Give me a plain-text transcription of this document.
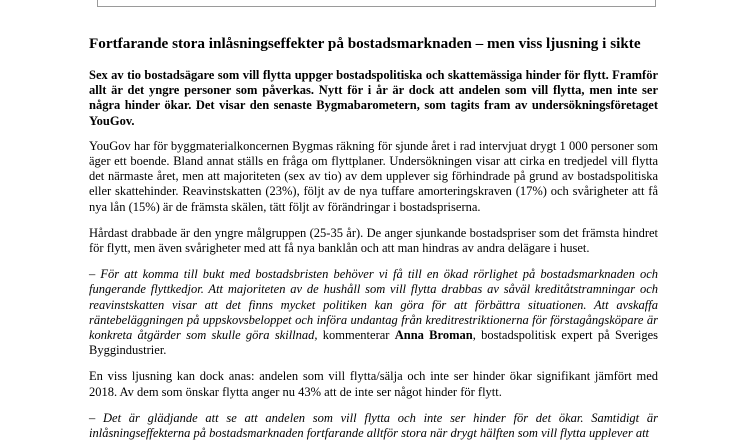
Fortfarande stora inlåsningseffekter på bostadsmarknaden – men viss ljusning i sikte

Sex av tio bostadsägare som vill flytta uppger bostadspolitiska och skattemässiga hinder för flytt. Framför allt är det yngre personer som påverkas. Nytt för i år är dock att andelen som vill flytta, men inte ser några hinder ökar. Det visar den senaste Bygmabarometern, som tagits fram av undersökningsföretaget YouGov.

YouGov har för byggmaterialkoncernen Bygmas räkning för sjunde året i rad intervjuat drygt 1 000 personer som äger ett boende. Bland annat ställs en fråga om flyttplaner. Undersökningen visar att cirka en tredjedel vill flytta det närmaste året, men att majoriteten (sex av tio) av dem upplever sig förhindrade på grund av bostadspolitiska eller skattehinder. Reavinstskatten (23%), följt av de nya tuffare amorteringskraven (17%) och svårigheter att få nya lån (15%) är de främsta skälen, tätt följt av förändringar i bostadspriserna.

Hårdast drabbade är den yngre målgruppen (25-35 år). De anger sjunkande bostadspriser som det främsta hindret för flytt, men även svårigheter med att få nya banklån och att man hindras av andra delägare i huset.

– För att komma till bukt med bostadsbristen behöver vi få till en ökad rörlighet på bostadsmarknaden och fungerande flyttkedjor. Att majoriteten av de hushåll som vill flytta drabbas av såväl kreditåtstramningar och reavinstskatten visar att det finns mycket politiken kan göra för att förbättra situationen. Att avskaffa räntebeläggningen på uppskovsbeloppet och införa undantag från kreditrestriktionerna för förstagångsköpare är konkreta åtgärder som skulle göra skillnad, kommenterar Anna Broman, bostadspolitisk expert på Sveriges Byggindustrier.

En viss ljusning kan dock anas: andelen som vill flytta/sälja och inte ser hinder ökar signifikant jämfört med 2018. Av dem som önskar flytta anger nu 43% att de inte ser något hinder för flytt.

– Det är glädjande att se att andelen som vill flytta och inte ser hinder för det ökar. Samtidigt är inlåsningseffekterna på bostadsmarknaden fortfarande alltför stora när drygt hälften som vill flytta upplever att
